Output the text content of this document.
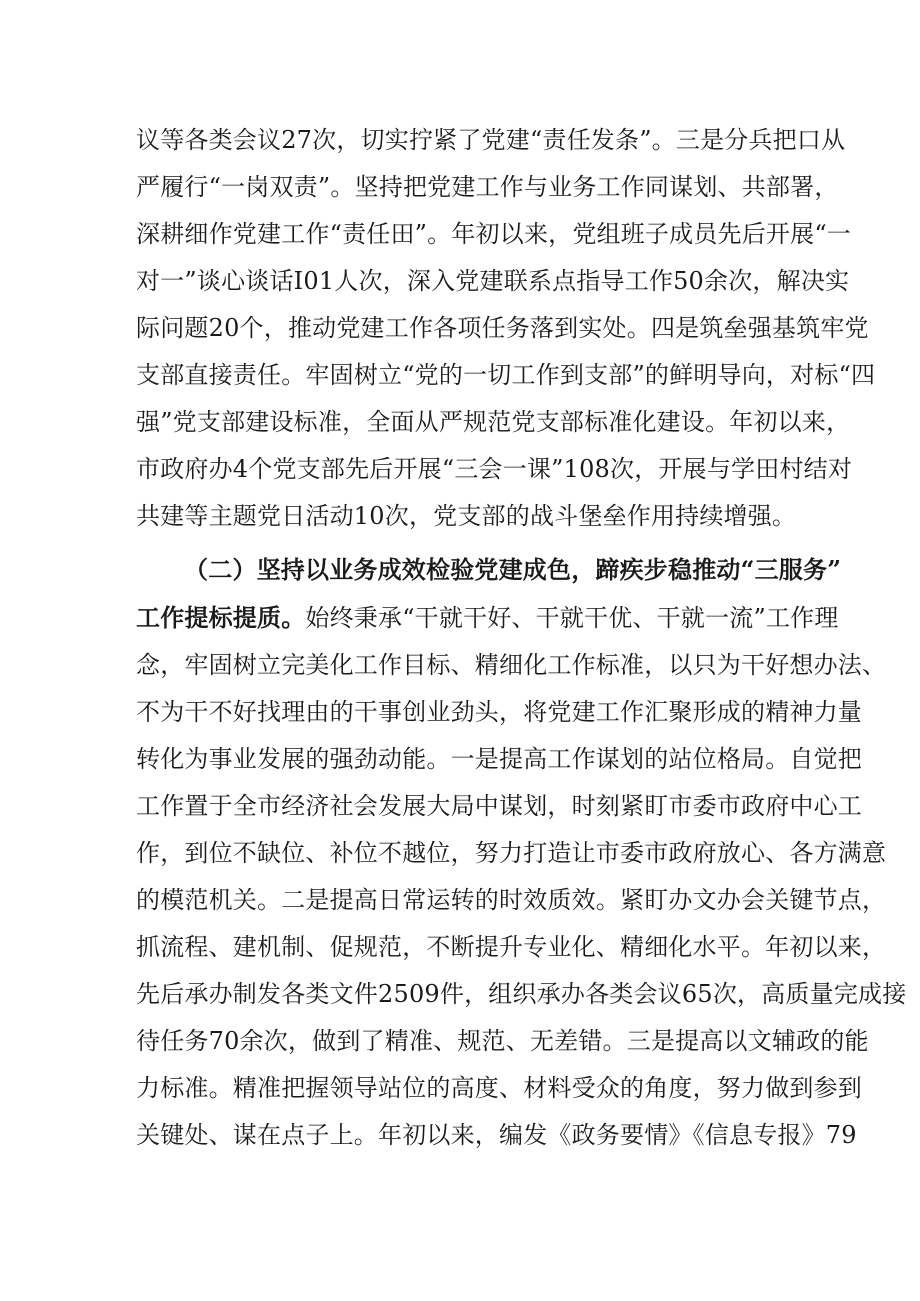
议等各类会议27次，切实拧紧了党建“责任发条”。三是分兵把口从
严履行“一岗双责”。坚持把党建工作与业务工作同谋划、共部署，
深耕细作党建工作“责任田”。年初以来，党组班子成员先后开展“一
对一”谈心谈话I01人次，深入党建联系点指导工作50余次，解决实
际问题20个，推动党建工作各项任务落到实处。四是筑垒强基筑牢党
支部直接责任。牢固树立“党的一切工作到支部”的鲜明导向，对标“四
强”党支部建设标准，全面从严规范党支部标准化建设。年初以来，
市政府办4个党支部先后开展“三会一课”108次，开展与学田村结对
共建等主题党日活动10次，党支部的战斗堡垒作用持续增强。
（二）坚持以业务成效检验党建成色，蹄疾步稳推动“三服务”
工作提标提质。始终秉承“干就干好、干就干优、干就一流”工作理
念，牢固树立完美化工作目标、精细化工作标准，以只为干好想办法、
不为干不好找理由的干事创业劲头，将党建工作汇聚形成的精神力量
转化为事业发展的强劲动能。一是提高工作谋划的站位格局。自觉把
工作置于全市经济社会发展大局中谋划，时刻紧盯市委市政府中心工
作，到位不缺位、补位不越位，努力打造让市委市政府放心、各方满意
的模范机关。二是提高日常运转的时效质效。紧盯办文办会关键节点，
抓流程、建机制、促规范，不断提升专业化、精细化水平。年初以来，
先后承办制发各类文件2509件，组织承办各类会议65次，高质量完成接
待任务70余次，做到了精准、规范、无差错。三是提高以文辅政的能
力标准。精准把握领导站位的高度、材料受众的角度，努力做到参到
关键处、谋在点子上。年初以来，编发《政务要情》《信息专报》79
